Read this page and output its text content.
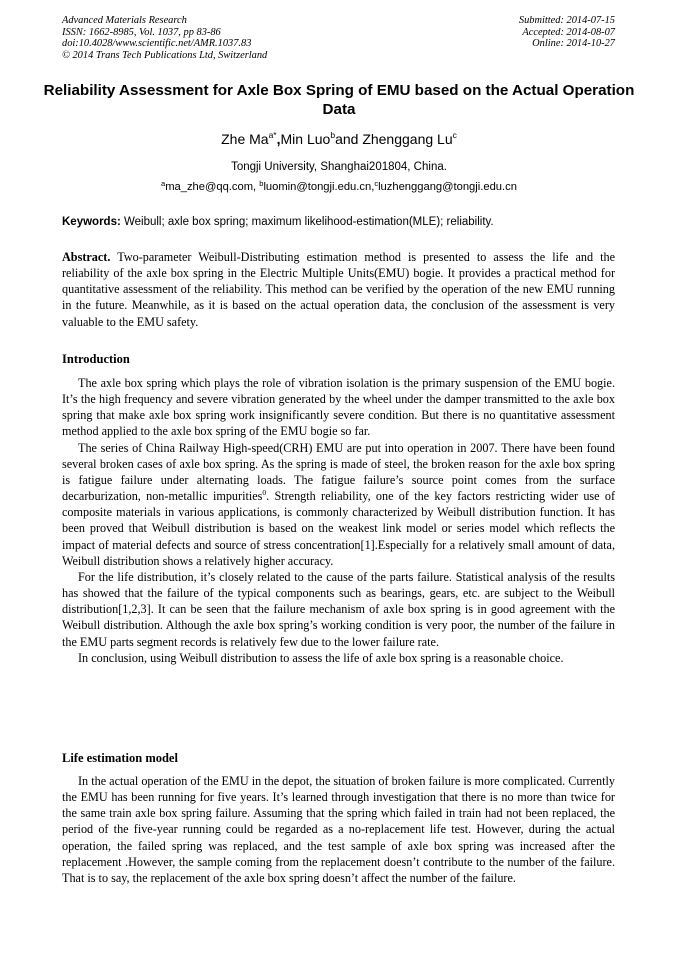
Advanced Materials Research
ISSN: 1662-8985, Vol. 1037, pp 83-86
doi:10.4028/www.scientific.net/AMR.1037.83
© 2014 Trans Tech Publications Ltd, Switzerland
Submitted: 2014-07-15
Accepted: 2014-08-07
Online: 2014-10-27
Reliability Assessment for Axle Box Spring of EMU based on the Actual Operation Data
Zhe $Ma^{a*},Min$ Luo$^b$and Zhenggang Lu$^c$
Tongji University, Shanghai201804, China.
$^a$ma_zhe@qq.com, $^b$luomin@tongji.edu.cn,$^c$luzhenggang@tongji.edu.cn
Keywords: Weibull; axle box spring; maximum likelihood-estimation(MLE); reliability.

Abstract. Two-parameter Weibull-Distributing estimation method is presented to assess the life and the reliability of the axle box spring in the Electric Multiple Units(EMU) bogie. It provides a practical method for quantitative assessment of the reliability. This method can be verified by the operation of the new EMU running in the future. Meanwhile, as it is based on the actual operation data, the conclusion of the assessment is very valuable to the EMU safety.

Introduction

The axle box spring which plays the role of vibration isolation is the primary suspension of the EMU bogie. It’s the high frequency and severe vibration generated by the wheel under the damper transmitted to the axle box spring that make axle box spring work insignificantly severe condition. But there is no quantitative assessment method applied to the axle box spring of the EMU bogie so far.

The series of China Railway High-speed(CRH) EMU are put into operation in 2007. There have been found several broken cases of axle box spring. As the spring is made of steel, the broken reason for the axle box spring is fatigue failure under alternating loads. The fatigue failure’s source point comes from the surface decarburization, non-metallic impurities$^0$. Strength reliability, one of the key factors restricting wider use of composite materials in various applications, is commonly characterized by Weibull distribution function. It has been proved that Weibull distribution is based on the weakest link model or series model which reflects the impact of material defects and source of stress concentration[1].Especially for a relatively small amount of data, Weibull distribution shows a relatively higher accuracy.

For the life distribution, it’s closely related to the cause of the parts failure. Statistical analysis of the results has showed that the failure of the typical components such as bearings, gears, etc. are subject to the Weibull distribution[1,2,3]. It can be seen that the failure mechanism of axle box spring is in good agreement with the Weibull distribution. Although the axle box spring’s working condition is very poor, the number of the failure in the EMU parts segment records is relatively few due to the lower failure rate.

In conclusion, using Weibull distribution to assess the life of axle box spring is a reasonable choice.

Life estimation model

In the actual operation of the EMU in the depot, the situation of broken failure is more complicated. Currently the EMU has been running for five years. It’s learned through investigation that there is no more than twice for the same train axle box spring failure. Assuming that the spring which failed in train had not been replaced, the period of the five-year running could be regarded as a no-replacement life test. However, during the actual operation, the failed spring was replaced, and the test sample of axle box spring was increased after the replacement .However, the sample coming from the replacement doesn’t contribute to the number of the failure. That is to say, the replacement of the axle box spring doesn’t affect the number of the failure.
